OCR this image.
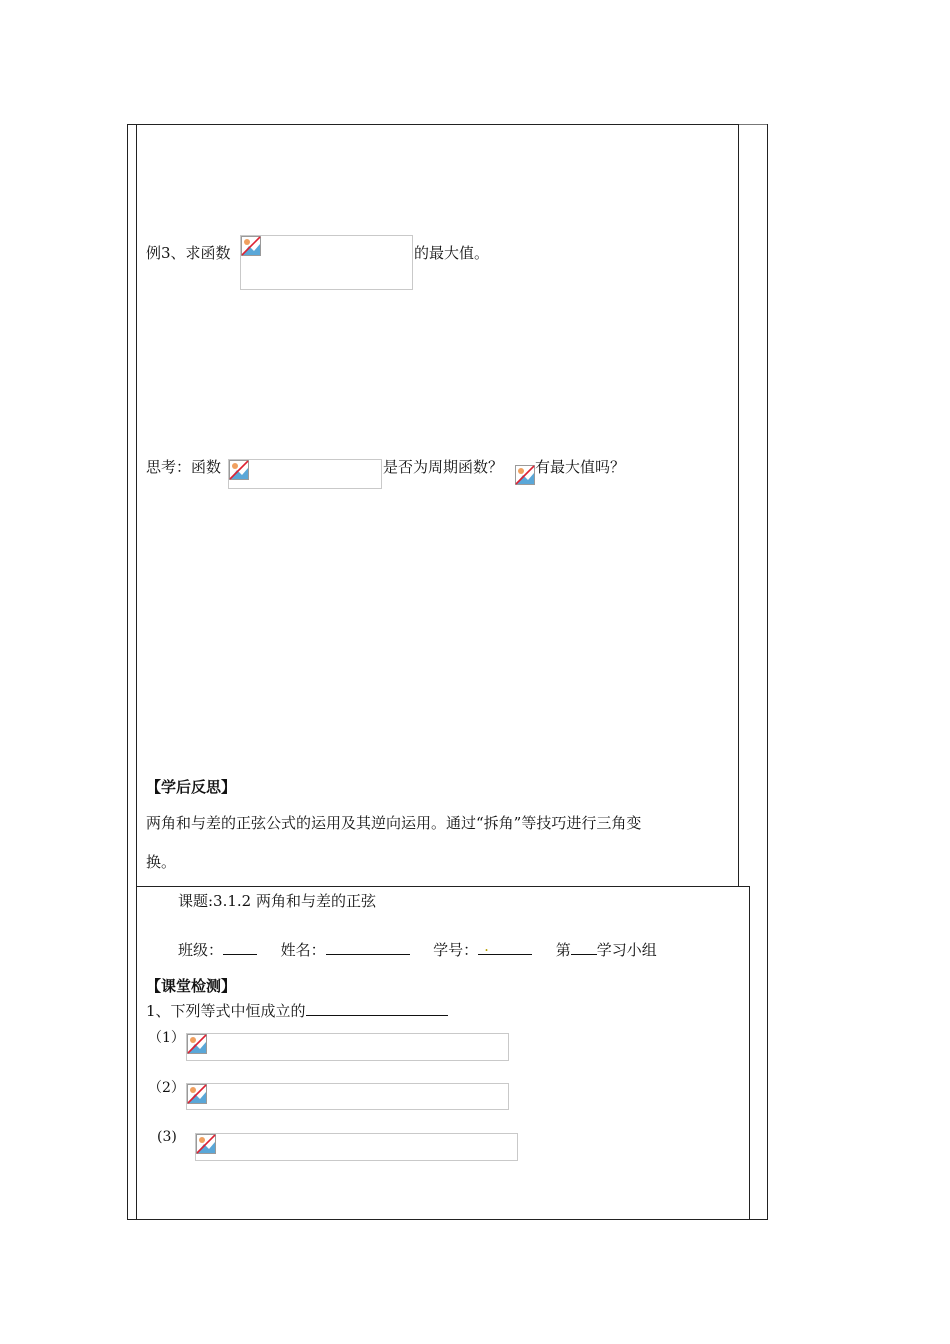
例3、求函数	的最大值。
思考：函数	是否为周期函数？ 有最大值吗？
【学后反思】
两角和与差的正弦公式的运用及其逆向运用。通过“拆角”等技巧进行三角变
换。
课题:3.1.2 两角和与差的正弦
班级：	姓名：	学号： .	第 学习小组
【课堂检测】
1、下列等式中恒成立的
（1）
（2）
(3)
